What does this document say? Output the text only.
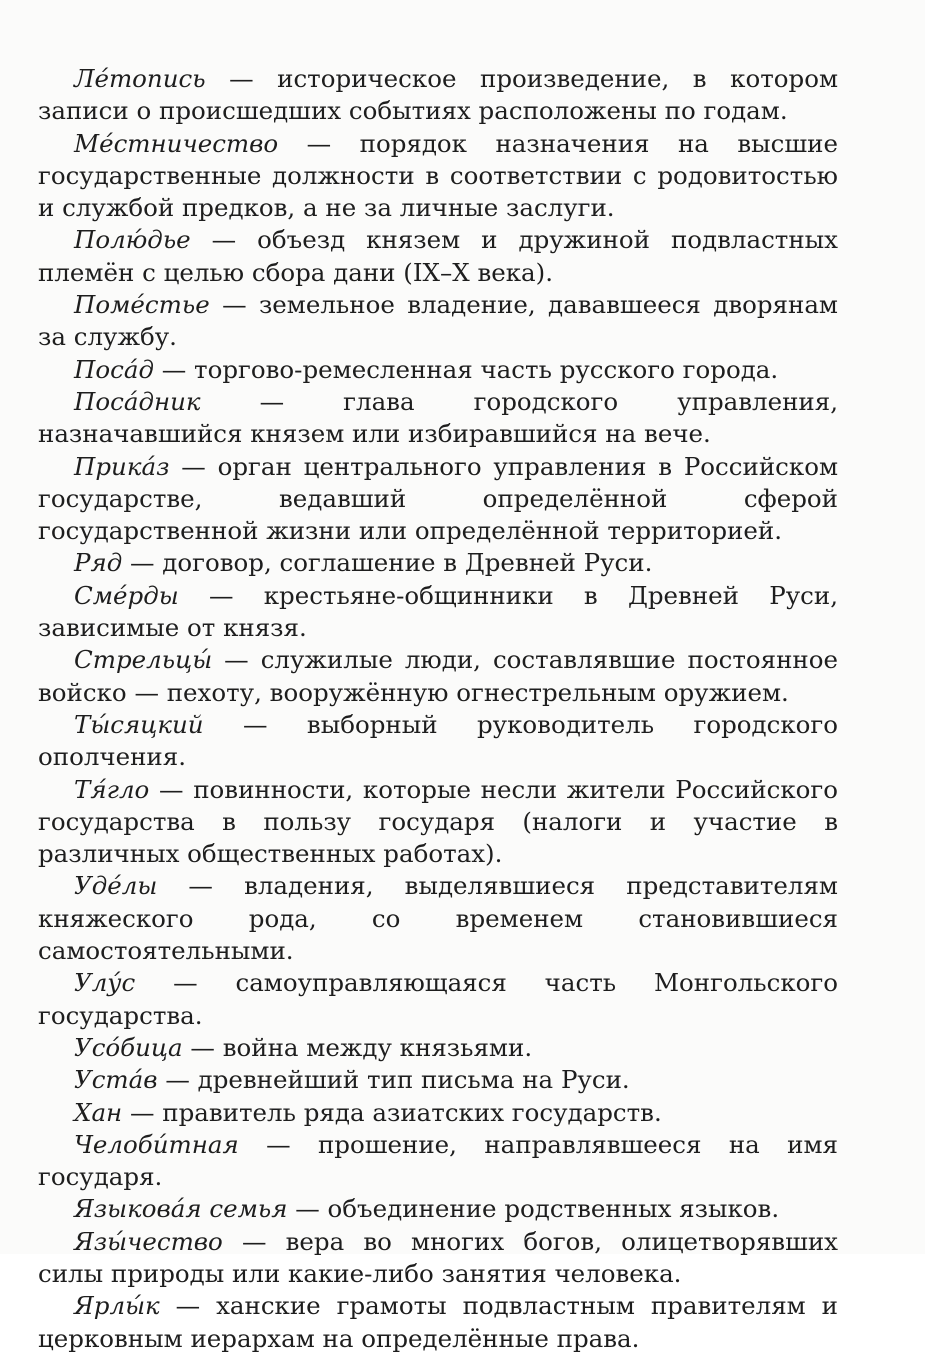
Ле́топись — историческое произведение, в котором записи о происшедших событиях расположены по годам.

Ме́стничество — порядок назначения на высшие государственные должности в соответствии с родовитостью и службой предков, а не за личные заслуги.

Полю́дье — объезд князем и дружиной подвластных племён с целью сбора дани (IX–X века).

Поме́стье — земельное владение, дававшееся дворянам за службу.

Поса́д — торгово-ремесленная часть русского города.

Поса́дник — глава городского управления, назначавшийся князем или избиравшийся на вече.

Прика́з — орган центрального управления в Российском государстве, ведавший определённой сферой государственной жизни или определённой территорией.

Ряд — договор, соглашение в Древней Руси.

Сме́рды — крестьяне-общинники в Древней Руси, зависимые от князя.

Стрельцы́ — служилые люди, составлявшие постоянное войско — пехоту, вооружённую огнестрельным оружием.

Ты́сяцкий — выборный руководитель городского ополчения.

Тя́гло — повинности, которые несли жители Российского государства в пользу государя (налоги и участие в различных общественных работах).

Уде́лы — владения, выделявшиеся представителям княжеского рода, со временем становившиеся самостоятельными.

Улу́с — самоуправляющаяся часть Монгольского государства.

Усо́бица — война между князьями.

Уста́в — древнейший тип письма на Руси.

Хан — правитель ряда азиатских государств.

Челоби́тная — прошение, направлявшееся на имя государя.

Языкова́я семья — объединение родственных языков.

Язы́чество — вера во многих богов, олицетворявших силы природы или какие-либо занятия человека.

Ярлы́к — ханские грамоты подвластным правителям и церковным иерархам на определённые права.
